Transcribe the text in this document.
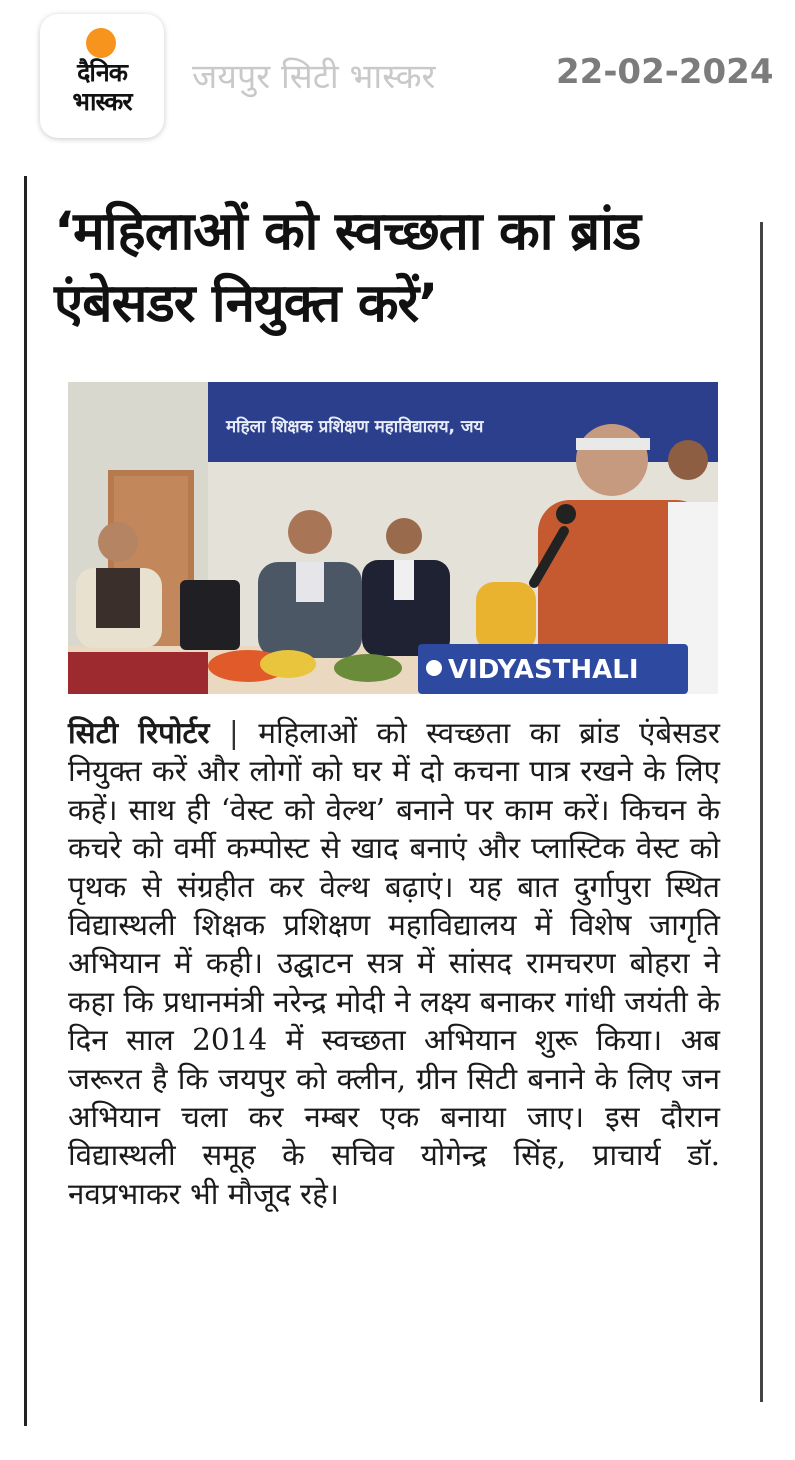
दैनिक
भास्कर
जयपुर सिटी भास्कर	22-02-2024
‘महिलाओं को स्वच्छता का ब्रांड एंबेसडर नियुक्त करें’
महिला शिक्षक प्रशिक्षण महाविद्यालय, जय
VIDYASTHALI
सिटी रिपोर्टर | महिलाओं को स्वच्छता का ब्रांड एंबेसडर नियुक्त करें और लोगों को घर में दो कचना पात्र रखने के लिए कहें। साथ ही ‘वेस्ट को वेल्थ’ बनाने पर काम करें। किचन के कचरे को वर्मी कम्पोस्ट से खाद बनाएं और प्लास्टिक वेस्ट को पृथक से संग्रहीत कर वेल्थ बढ़ाएं। यह बात दुर्गापुरा स्थित विद्यास्थली शिक्षक प्रशिक्षण महाविद्यालय में विशेष जागृति अभियान में कही। उद्घाटन सत्र में सांसद रामचरण बोहरा ने कहा कि प्रधानमंत्री नरेन्द्र मोदी ने लक्ष्य बनाकर गांधी जयंती के दिन साल 2014 में स्वच्छता अभियान शुरू किया। अब जरूरत है कि जयपुर को क्लीन, ग्रीन सिटी बनाने के लिए जन अभियान चला कर नम्बर एक बनाया जाए। इस दौरान विद्यास्थली समूह के सचिव योगेन्द्र सिंह, प्राचार्य डॉ. नवप्रभाकर भी मौजूद रहे।
